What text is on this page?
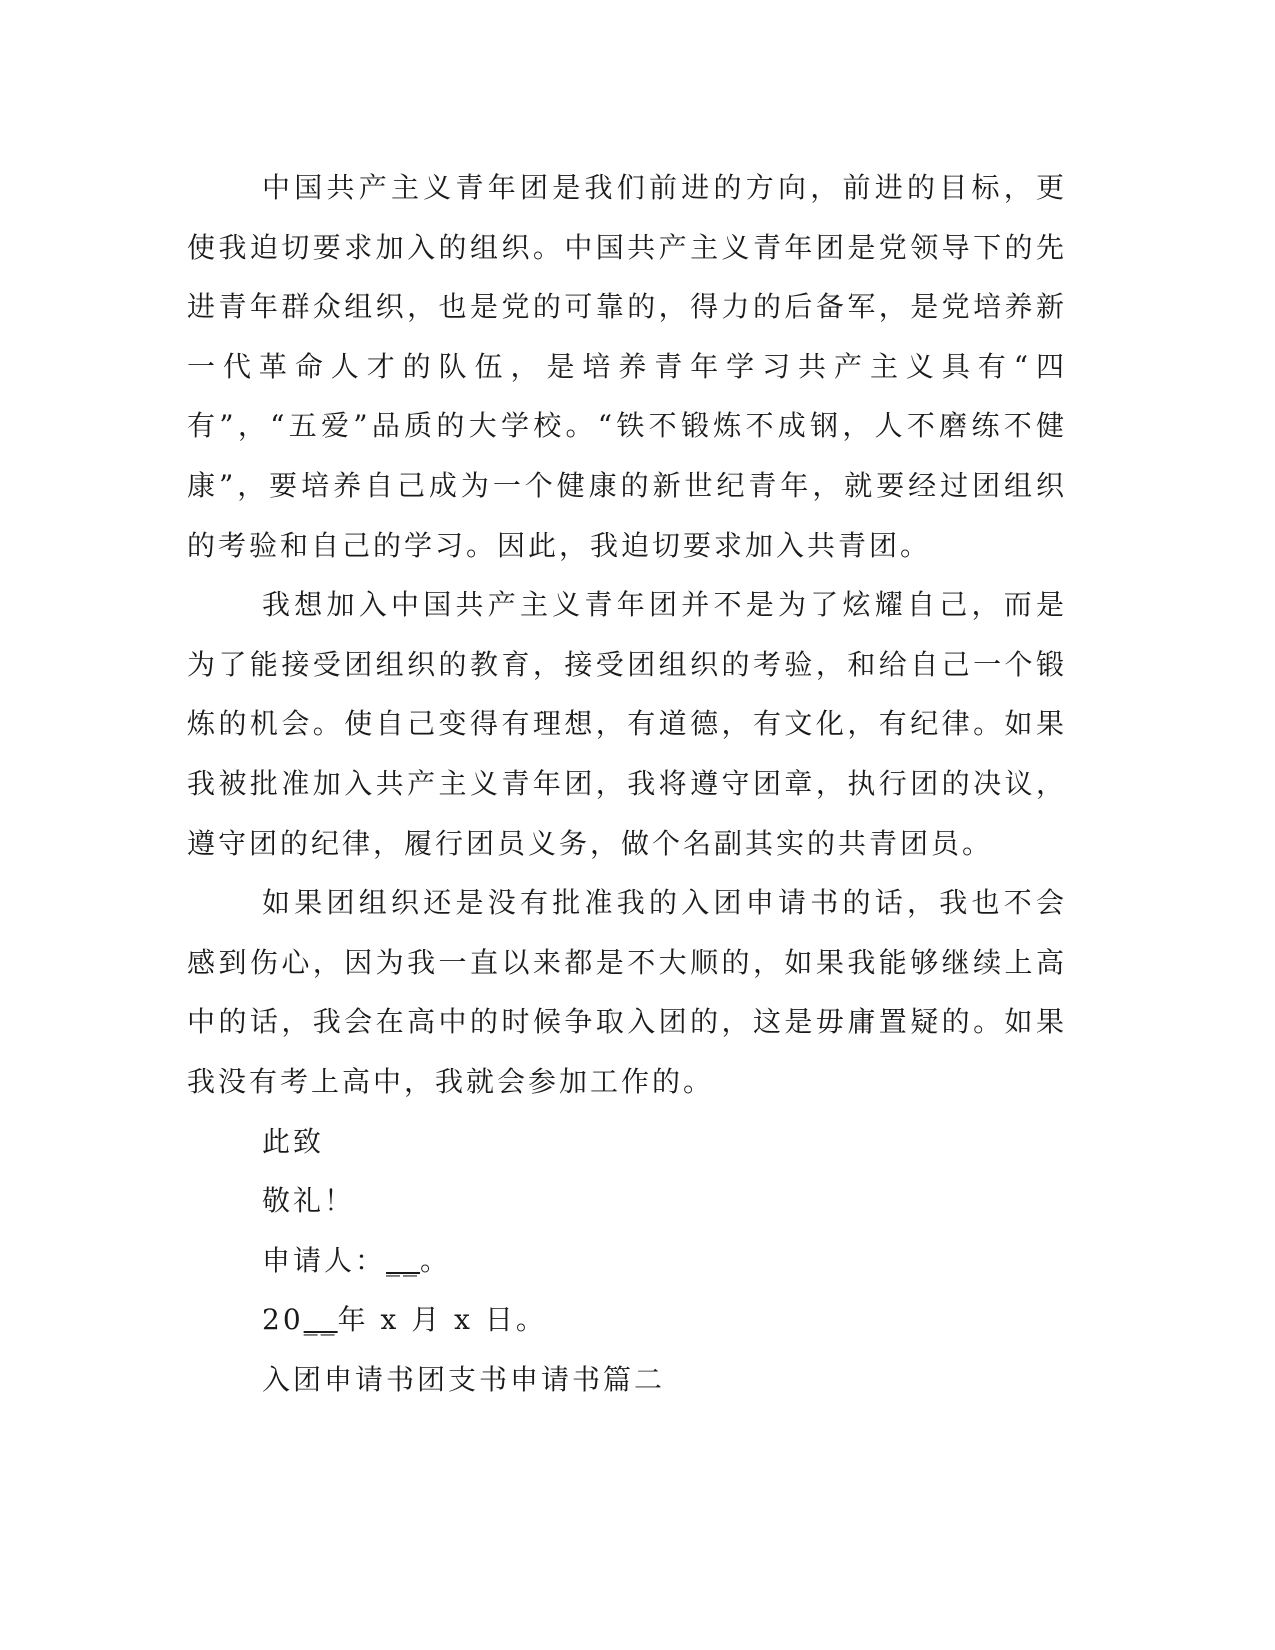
中国共产主义青年团是我们前进的方向，前进的目标，更使我迫切要求加入的组织。中国共产主义青年团是党领导下的先进青年群众组织，也是党的可靠的，得力的后备军，是党培养新一代革命人才的队伍，是培养青年学习共产主义具有“四有”，“五爱”品质的大学校。“铁不锻炼不成钢，人不磨练不健康”，要培养自己成为一个健康的新世纪青年，就要经过团组织的考验和自己的学习。因此，我迫切要求加入共青团。

我想加入中国共产主义青年团并不是为了炫耀自己，而是为了能接受团组织的教育，接受团组织的考验，和给自己一个锻炼的机会。使自己变得有理想，有道德，有文化，有纪律。如果我被批准加入共产主义青年团，我将遵守团章，执行团的决议，遵守团的纪律，履行团员义务，做个名副其实的共青团员。

如果团组织还是没有批准我的入团申请书的话，我也不会感到伤心，因为我一直以来都是不大顺的，如果我能够继续上高中的话，我会在高中的时候争取入团的，这是毋庸置疑的。如果我没有考上高中，我就会参加工作的。

此致

敬礼！

申请人：__。

20__年 x 月 x 日。

入团申请书团支书申请书篇二
